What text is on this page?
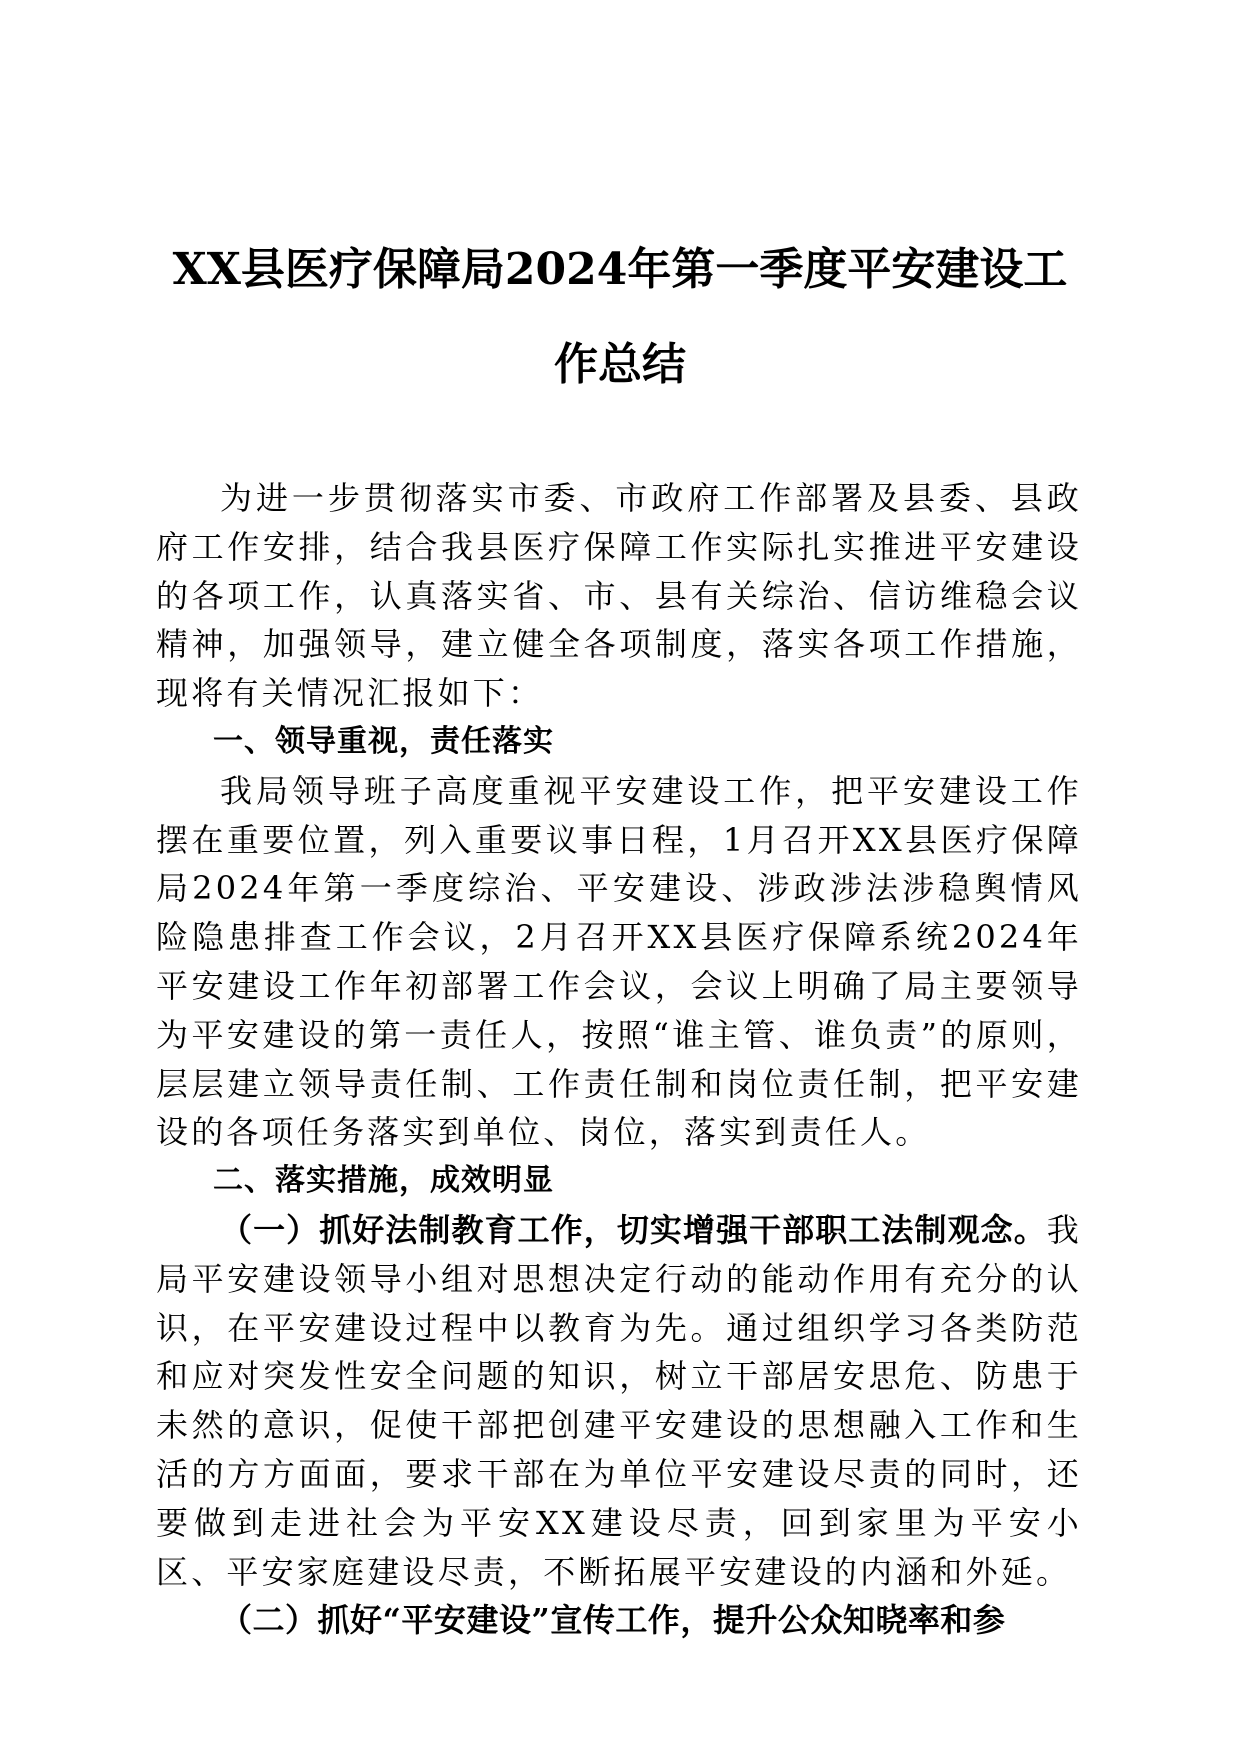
XX县医疗保障局2024年第一季度平安建设工
作总结

为进一步贯彻落实市委、市政府工作部署及县委、县政府工作安排，结合我县医疗保障工作实际扎实推进平安建设的各项工作，认真落实省、市、县有关综治、信访维稳会议精神，加强领导，建立健全各项制度，落实各项工作措施，现将有关情况汇报如下：

一、领导重视，责任落实

我局领导班子高度重视平安建设工作，把平安建设工作摆在重要位置，列入重要议事日程，1月召开XX县医疗保障局2024年第一季度综治、平安建设、涉政涉法涉稳舆情风险隐患排查工作会议，2月召开XX县医疗保障系统2024年平安建设工作年初部署工作会议，会议上明确了局主要领导为平安建设的第一责任人，按照“谁主管、谁负责”的原则，层层建立领导责任制、工作责任制和岗位责任制，把平安建设的各项任务落实到单位、岗位，落实到责任人。

二、落实措施，成效明显

（一）抓好法制教育工作，切实增强干部职工法制观念。我局平安建设领导小组对思想决定行动的能动作用有充分的认识，在平安建设过程中以教育为先。通过组织学习各类防范和应对突发性安全问题的知识，树立干部居安思危、防患于未然的意识，促使干部把创建平安建设的思想融入工作和生活的方方面面，要求干部在为单位平安建设尽责的同时，还要做到走进社会为平安XX建设尽责，回到家里为平安小区、平安家庭建设尽责，不断拓展平安建设的内涵和外延。

（二）抓好“平安建设”宣传工作，提升公众知晓率和参
